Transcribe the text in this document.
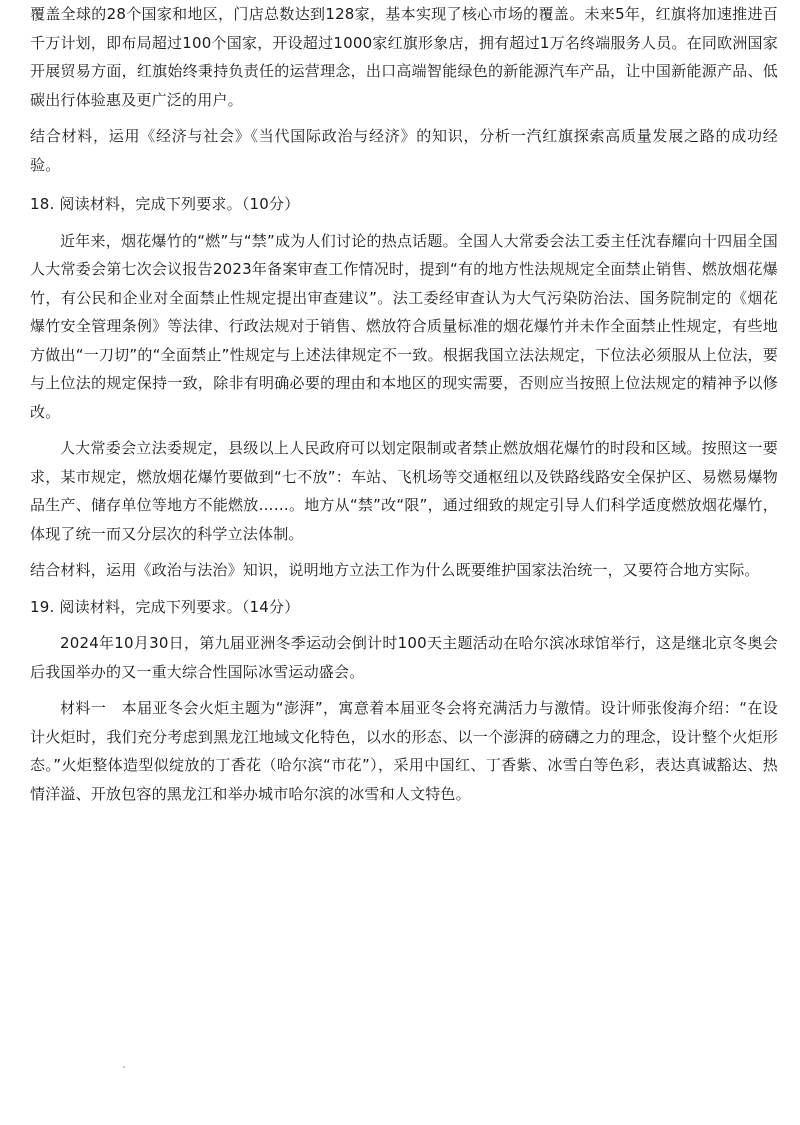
覆盖全球的28个国家和地区，门店总数达到128家，基本实现了核心市场的覆盖。未来5年，红旗将加速推进百千万计划，即布局超过100个国家，开设超过1000家红旗形象店，拥有超过1万名终端服务人员。在同欧洲国家开展贸易方面，红旗始终秉持负责任的运营理念，出口高端智能绿色的新能源汽车产品，让中国新能源产品、低碳出行体验惠及更广泛的用户。

结合材料，运用《经济与社会》《当代国际政治与经济》的知识，分析一汽红旗探索高质量发展之路的成功经验。

18. 阅读材料，完成下列要求。（10分）

近年来，烟花爆竹的“燃”与“禁”成为人们讨论的热点话题。全国人大常委会法工委主任沈春耀向十四届全国人大常委会第七次会议报告2023年备案审查工作情况时，提到“有的地方性法规规定全面禁止销售、燃放烟花爆竹，有公民和企业对全面禁止性规定提出审查建议”。法工委经审查认为大气污染防治法、国务院制定的《烟花爆竹安全管理条例》等法律、行政法规对于销售、燃放符合质量标准的烟花爆竹并未作全面禁止性规定，有些地方做出“一刀切”的“全面禁止”性规定与上述法律规定不一致。根据我国立法法规定，下位法必须服从上位法，要与上位法的规定保持一致，除非有明确必要的理由和本地区的现实需要，否则应当按照上位法规定的精神予以修改。

人大常委会立法委规定，县级以上人民政府可以划定限制或者禁止燃放烟花爆竹的时段和区域。按照这一要求，某市规定，燃放烟花爆竹要做到“七不放”：车站、飞机场等交通枢纽以及铁路线路安全保护区、易燃易爆物品生产、储存单位等地方不能燃放……。地方从“禁”改“限”，通过细致的规定引导人们科学适度燃放烟花爆竹，体现了统一而又分层次的科学立法体制。

结合材料，运用《政治与法治》知识，说明地方立法工作为什么既要维护国家法治统一，又要符合地方实际。

19. 阅读材料，完成下列要求。（14分）

2024年10月30日，第九届亚洲冬季运动会倒计时100天主题活动在哈尔滨冰球馆举行，这是继北京冬奥会后我国举办的又一重大综合性国际冰雪运动盛会。

材料一　本届亚冬会火炬主题为“澎湃”，寓意着本届亚冬会将充满活力与激情。设计师张俊海介绍：“在设计火炬时，我们充分考虑到黑龙江地域文化特色，以水的形态、以一个澎湃的磅礴之力的理念，设计整个火炬形态。”火炬整体造型似绽放的丁香花（哈尔滨“市花”），采用中国红、丁香紫、冰雪白等色彩，表达真诚豁达、热情洋溢、开放包容的黑龙江和举办城市哈尔滨的冰雪和人文特色。
